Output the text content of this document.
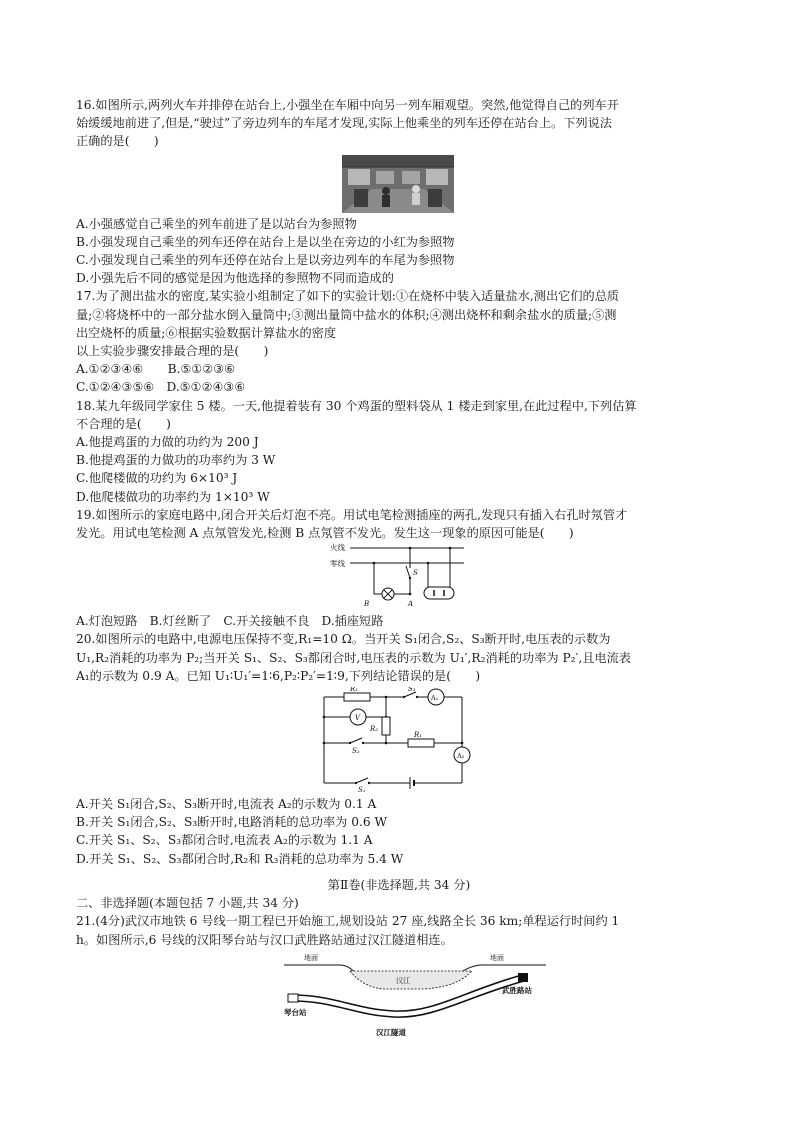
16.如图所示,两列火车并排停在站台上,小强坐在车厢中向另一列车厢观望。突然,他觉得自己的列车开

始缓缓地前进了,但是,“驶过”了旁边列车的车尾才发现,实际上他乘坐的列车还停在站台上。下列说法

正确的是(　　)

A.小强感觉自己乘坐的列车前进了是以站台为参照物

B.小强发现自己乘坐的列车还停在站台上是以坐在旁边的小红为参照物

C.小强发现自己乘坐的列车还停在站台上是以旁边列车的车尾为参照物

D.小强先后不同的感觉是因为他选择的参照物不同而造成的

17.为了测出盐水的密度,某实验小组制定了如下的实验计划:①在烧杯中装入适量盐水,测出它们的总质

量;②将烧杯中的一部分盐水倒入量筒中;③测出量筒中盐水的体积;④测出烧杯和剩余盐水的质量;⑤测

出空烧杯的质量;⑥根据实验数据计算盐水的密度

以上实验步骤安排最合理的是(　　)

A.①②③④⑥　　B.⑤①②③⑥

C.①②④③⑤⑥　D.⑤①②④③⑥

18.某九年级同学家住 5 楼。一天,他提着装有 30 个鸡蛋的塑料袋从 1 楼走到家里,在此过程中,下列估算

不合理的是(　　)

A.他提鸡蛋的力做的功约为 200 J

B.他提鸡蛋的力做功的功率约为 3 W

C.他爬楼做的功约为 6×10³ J

D.他爬楼做功的功率约为 1×10³ W

19.如图所示的家庭电路中,闭合开关后灯泡不亮。用试电笔检测插座的两孔,发现只有插入右孔时氖管才

发光。用试电笔检测 A 点氖管发光,检测 B 点氖管不发光。发生这一现象的原因可能是(　　)

火线
零线
B
S
A

A.灯泡短路　B.灯丝断了　C.开关接触不良　D.插座短路

20.如图所示的电路中,电源电压保持不变,R₁=10 Ω。当开关 S₁闭合,S₂、S₃断开时,电压表的示数为

U₁,R₂消耗的功率为 P₂;当开关 S₁、S₂、S₃都闭合时,电压表的示数为 U₁′,R₂消耗的功率为 P₂′,且电流表

A₁的示数为 0.9 A。已知 U₁∶U₁′=1∶6,P₂∶P₂′=1∶9,下列结论错误的是(　　)

R₁	S₃
A₁
V
R₂
S₂
R₁
A₂
S₁

A.开关 S₁闭合,S₂、S₃断开时,电流表 A₂的示数为 0.1 A

B.开关 S₁闭合,S₂、S₃断开时,电路消耗的总功率为 0.6 W

C.开关 S₁、S₂、S₃都闭合时,电流表 A₂的示数为 1.1 A

D.开关 S₁、S₂、S₃都闭合时,R₂和 R₃消耗的总功率为 5.4 W

第Ⅱ卷(非选择题,共 34 分)

二、非选择题(本题包括 7 小题,共 34 分)

21.(4分)武汉市地铁 6 号线一期工程已开始施工,规划设站 27 座,线路全长 36 km;单程运行时间约 1

h。如图所示,6 号线的汉阳琴台站与汉口武胜路站通过汉江隧道相连。

地面	地面
汉江
琴台站
武胜路站
汉江隧道
